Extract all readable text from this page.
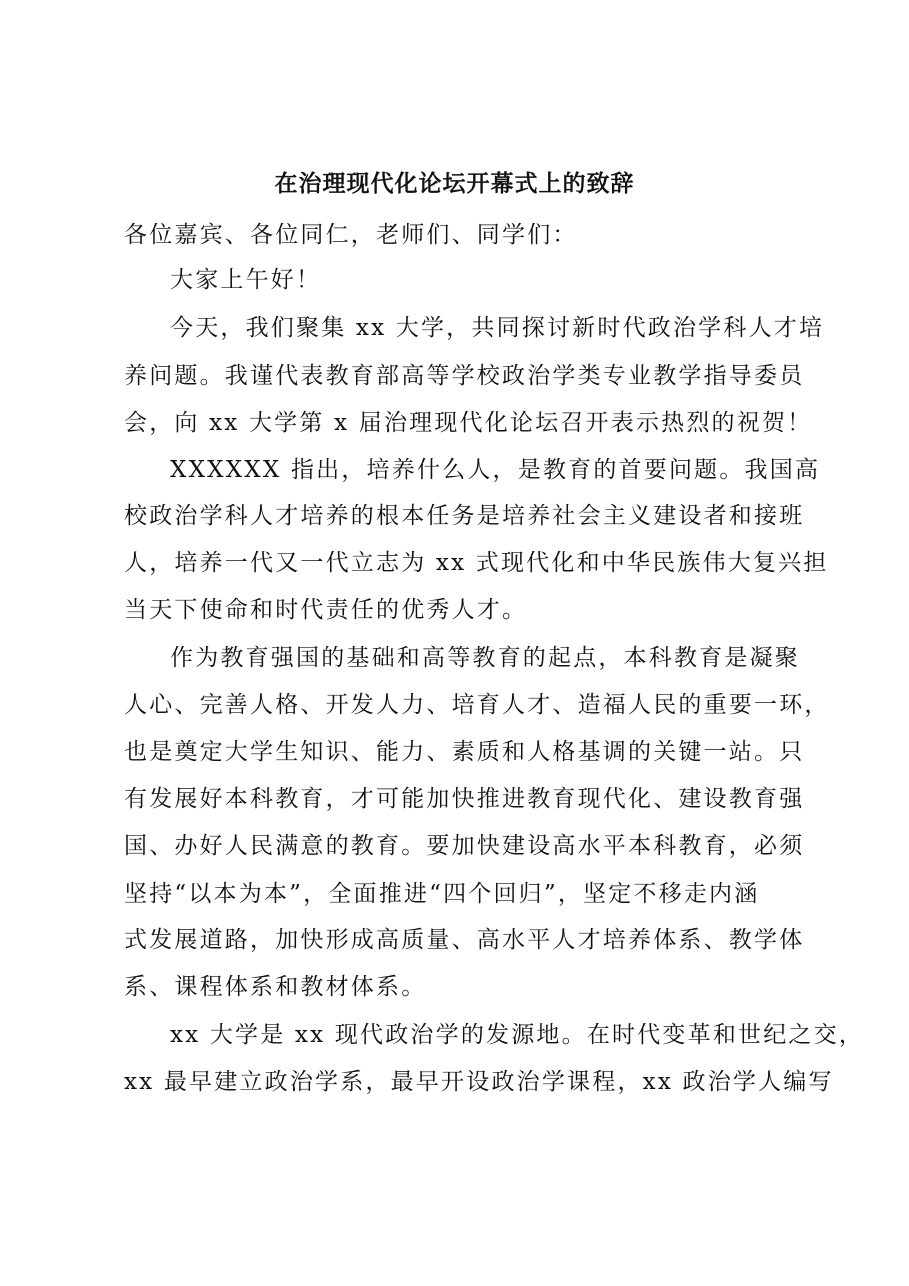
在治理现代化论坛开幕式上的致辞
各位嘉宾、各位同仁，老师们、同学们：
大家上午好！
今天，我们聚集 xx 大学，共同探讨新时代政治学科人才培
养问题。我谨代表教育部高等学校政治学类专业教学指导委员
会，向 xx 大学第 x 届治理现代化论坛召开表示热烈的祝贺！
XXXXXX 指出，培养什么人，是教育的首要问题。我国高
校政治学科人才培养的根本任务是培养社会主义建设者和接班
人，培养一代又一代立志为 xx 式现代化和中华民族伟大复兴担
当天下使命和时代责任的优秀人才。
作为教育强国的基础和高等教育的起点，本科教育是凝聚
人心、完善人格、开发人力、培育人才、造福人民的重要一环，
也是奠定大学生知识、能力、素质和人格基调的关键一站。只
有发展好本科教育，才可能加快推进教育现代化、建设教育强
国、办好人民满意的教育。要加快建设高水平本科教育，必须
坚持“以本为本”，全面推进“四个回归”，坚定不移走内涵
式发展道路，加快形成高质量、高水平人才培养体系、教学体
系、课程体系和教材体系。
xx 大学是 xx 现代政治学的发源地。在时代变革和世纪之交，
xx 最早建立政治学系，最早开设政治学课程，xx 政治学人编写
